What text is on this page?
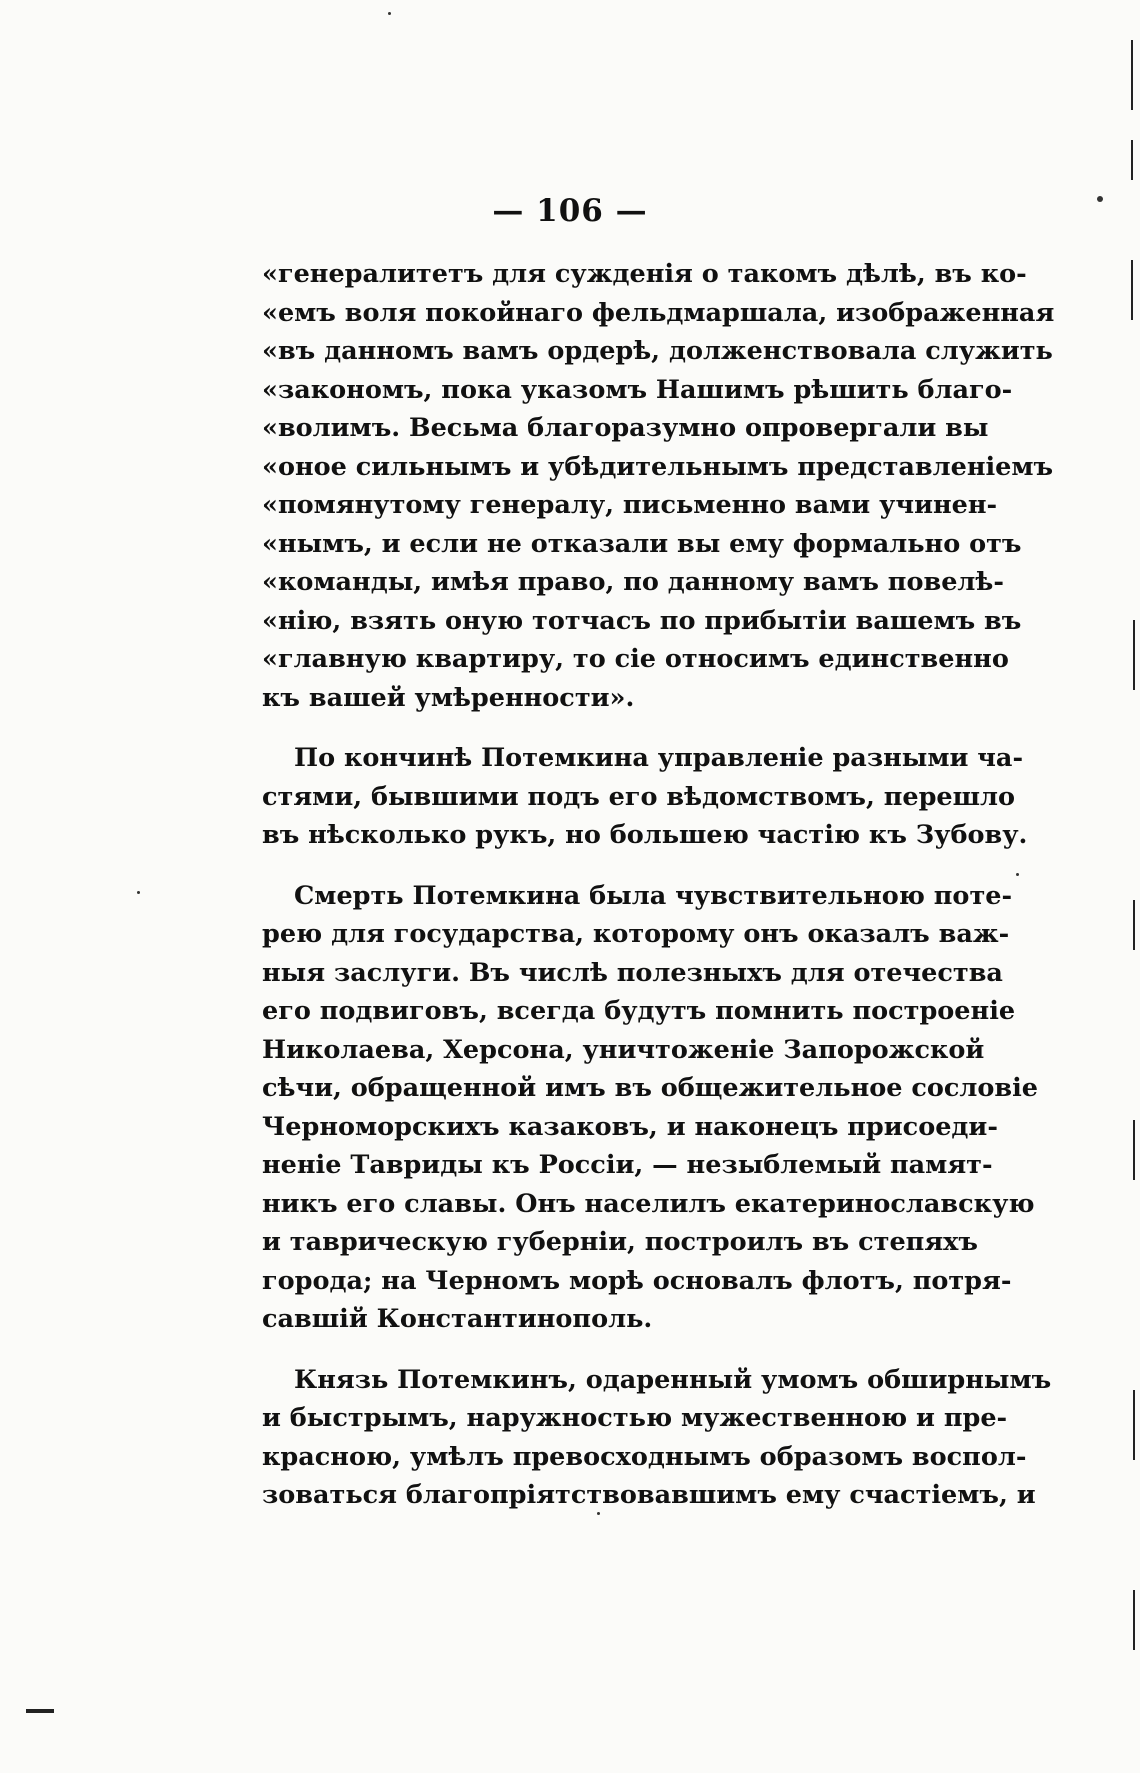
— 106 —
«генералитетъ для сужденія о такомъ дѣлѣ, въ ко-
«емъ воля покойнаго фельдмаршала, изображенная
«въ данномъ вамъ ордерѣ, долженствовала служить
«закономъ, пока указомъ Нашимъ рѣшить благо-
«волимъ. Весьма благоразумно опровергали вы
«оное сильнымъ и убѣдительнымъ представленіемъ
«помянутому генералу, письменно вами учинен-
«нымъ, и если не отказали вы ему формально отъ
«команды, имѣя право, по данному вамъ повелѣ-
«нію, взять оную тотчасъ по прибытіи вашемъ въ
«главную квартиру, то сіе относимъ единственно
къ вашей умѣренности».
По кончинѣ Потемкина управленіе разными ча-
стями, бывшими подъ его вѣдомствомъ, перешло
въ нѣсколько рукъ, но большею частію къ Зубову.
Смерть Потемкина была чувствительною поте-
рею для государства, которому онъ оказалъ важ-
ныя заслуги. Въ числѣ полезныхъ для отечества
его подвиговъ, всегда будутъ помнить построеніе
Николаева, Херсона, уничтоженіе Запорожской
сѣчи, обращенной имъ въ общежительное сословіе
Черноморскихъ казаковъ, и наконецъ присоеди-
неніе Тавриды къ Россіи, — незыблемый памят-
никъ его славы. Онъ населилъ екатеринославскую
и таврическую губерніи, построилъ въ степяхъ
города; на Черномъ морѣ основалъ флотъ, потря-
савшій Константинополь.
Князь Потемкинъ, одаренный умомъ обширнымъ
и быстрымъ, наружностью мужественною и пре-
красною, умѣлъ превосходнымъ образомъ воспол-
зоваться благопріятствовавшимъ ему счастіемъ, и
